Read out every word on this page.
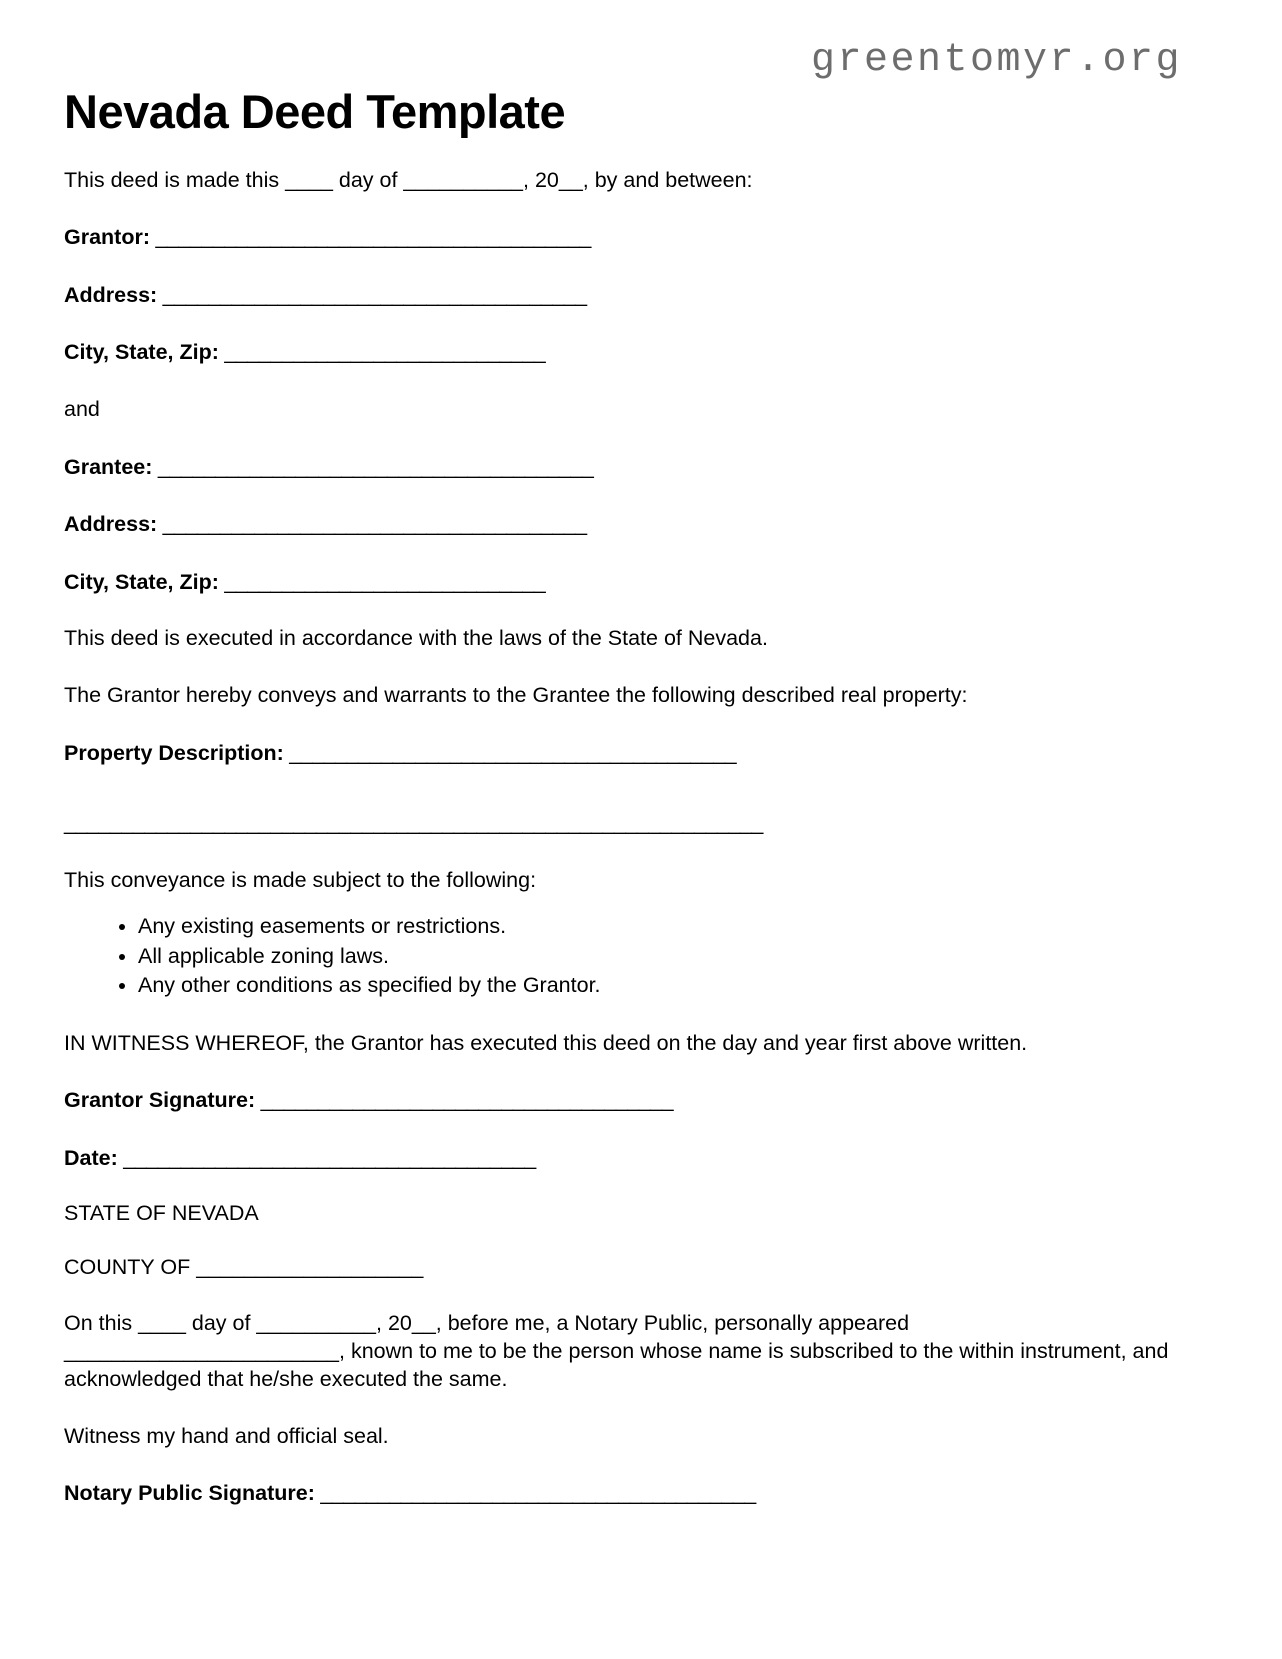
greentomyr.org
Nevada Deed Template

This deed is made this ____ day of __________, 20__, by and between:

Grantor: ______________________________________

Address: _____________________________________

City, State, Zip: ____________________________

and

Grantee: ______________________________________

Address: _____________________________________

City, State, Zip: ____________________________

This deed is executed in accordance with the laws of the State of Nevada.

The Grantor hereby conveys and warrants to the Grantee the following described real property:

Property Description: _______________________________________

_____________________________________________________________

This conveyance is made subject to the following:

• Any existing easements or restrictions.
• All applicable zoning laws.
• Any other conditions as specified by the Grantor.

IN WITNESS WHEREOF, the Grantor has executed this deed on the day and year first above written.

Grantor Signature: ____________________________________

Date: ____________________________________

STATE OF NEVADA

COUNTY OF ___________________

On this ____ day of __________, 20__, before me, a Notary Public, personally appeared _______________________, known to me to be the person whose name is subscribed to the within instrument, and acknowledged that he/she executed the same.

Witness my hand and official seal.

Notary Public Signature: ______________________________________
